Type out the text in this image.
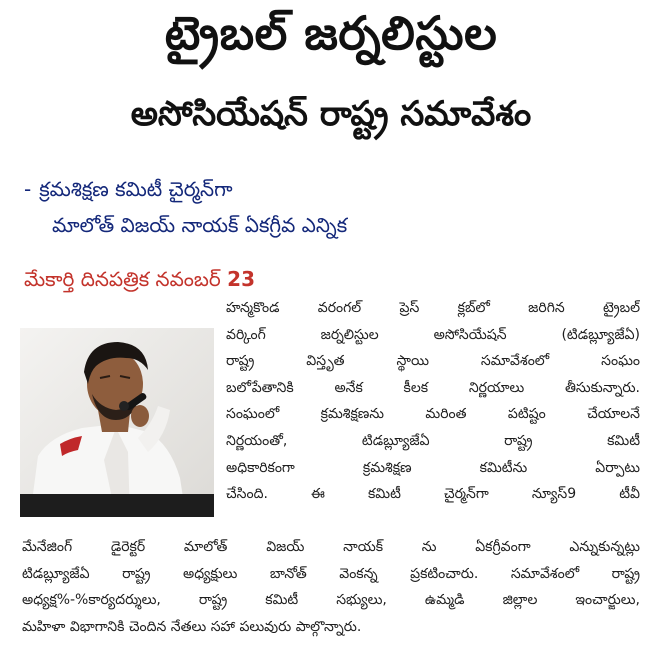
ట్రైబల్ జర్నలిస్టుల
అసోసియేషన్ రాష్ట్ర సమావేశం
- క్రమశిక్షణ కమిటీ చైర్మన్‌గా
మాలోత్ విజయ్ నాయక్ ఏకగ్రీవ ఎన్నిక
మేకార్తి దినపత్రిక నవంబర్ 23
హన్మకొండ వరంగల్ ప్రెస్ క్లబ్‌లో జరిగిన ట్రైబల్
వర్కింగ్ జర్నలిస్టుల అసోసియేషన్ (టిడబ్ల్యూజేఏ)
రాష్ట్ర విస్తృత స్థాయి సమావేశంలో సంఘం
బలోపేతానికి అనేక కీలక నిర్ణయాలు తీసుకున్నారు.
సంఘంలో క్రమశిక్షణను మరింత పటిష్టం చేయాలనే
నిర్ణయంతో, టిడబ్ల్యూజేఏ రాష్ట్ర కమిటీ
అధికారికంగా క్రమశిక్షణ కమిటీను ఏర్పాటు
చేసింది. ఈ కమిటీ చైర్మన్‌గా న్యూస్9 టీవీ
మేనేజింగ్ డైరెక్టర్ మాలోత్ విజయ్ నాయక్ ను ఏకగ్రీవంగా ఎన్నుకున్నట్లు
టిడబ్ల్యూజేఏ రాష్ట్ర అధ్యక్షులు బానోత్ వెంకన్న ప్రకటించారు. సమావేశంలో రాష్ట్ర
అధ్యక్ష%-%కార్యదర్శులు, రాష్ట్ర కమిటీ సభ్యులు, ఉమ్మడి జిల్లాల ఇంచార్జులు,
మహిళా విభాగానికి చెందిన నేతలు సహా పలువురు పాల్గొన్నారు.
